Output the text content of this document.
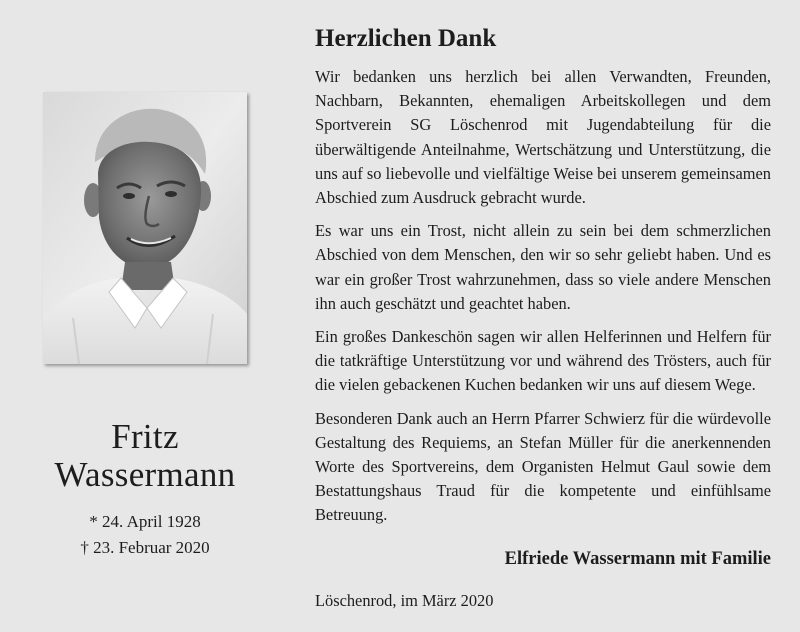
Fritz
Wassermann
* 24. April 1928
† 23. Februar 2020
Herzlichen Dank

Wir bedanken uns herzlich bei allen Verwandten, Freunden, Nachbarn, Bekannten, ehemaligen Arbeitskollegen und dem Sportverein SG Löschenrod mit Jugendabteilung für die überwältigende Anteilnahme, Wertschätzung und Unterstützung, die uns auf so liebevolle und vielfältige Weise bei unserem gemeinsamen Abschied zum Ausdruck gebracht wurde.

Es war uns ein Trost, nicht allein zu sein bei dem schmerzlichen Abschied von dem Menschen, den wir so sehr geliebt haben. Und es war ein großer Trost wahrzunehmen, dass so viele andere Menschen ihn auch geschätzt und geachtet haben.

Ein großes Dankeschön sagen wir allen Helferinnen und Helfern für die tatkräftige Unterstützung vor und während des Trösters, auch für die vielen gebackenen Kuchen bedanken wir uns auf diesem Wege.

Besonderen Dank auch an Herrn Pfarrer Schwierz für die würdevolle Gestaltung des Requiems, an Stefan Müller für die anerkennenden Worte des Sportvereins, dem Organisten Helmut Gaul sowie dem Bestattungshaus Traud für die kompetente und einfühlsame Betreuung.

Elfriede Wassermann mit Familie
Löschenrod, im März 2020
